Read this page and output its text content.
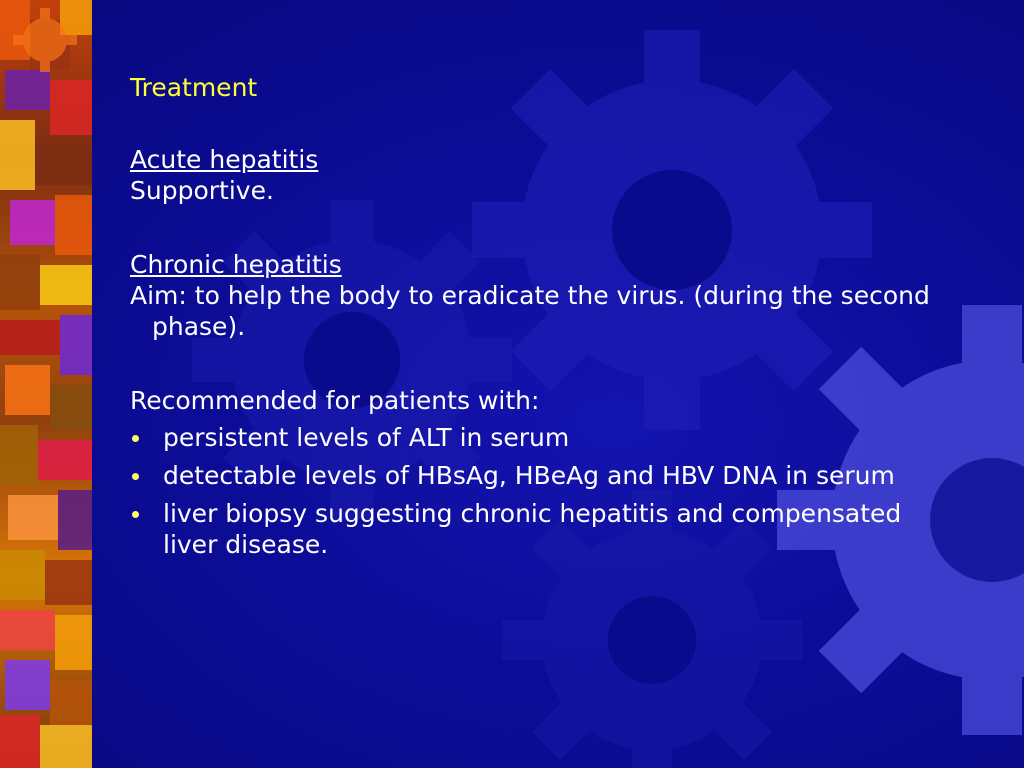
Treatment
Acute hepatitis
Supportive.
Chronic hepatitis
Aim: to help the body to eradicate the virus. (during the second phase).
Recommended for patients with:
persistent levels of ALT in serum
detectable levels of HBsAg, HBeAg and HBV DNA in serum
liver biopsy suggesting chronic hepatitis and compensated liver disease.
